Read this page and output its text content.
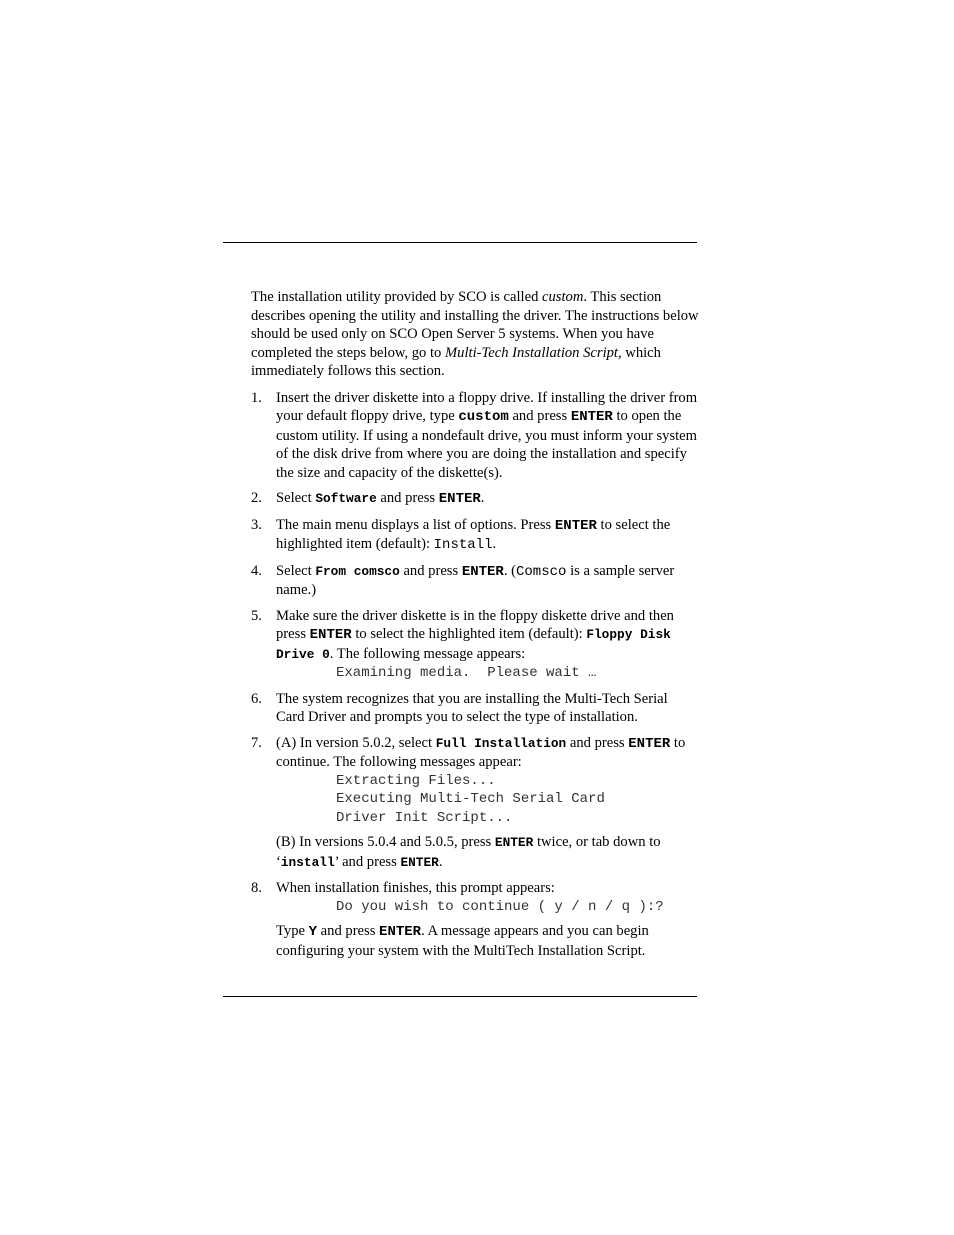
The installation utility provided by SCO is called custom. This section describes opening the utility and installing the driver. The instructions below should be used only on SCO Open Server 5 systems. When you have completed the steps below, go to Multi-Tech Installation Script, which immediately follows this section.

1. Insert the driver diskette into a floppy drive. If installing the driver from your default floppy drive, type custom and press ENTER to open the custom utility. If using a nondefault drive, you must inform your system of the disk drive from where you are doing the installation and specify the size and capacity of the diskette(s).
2. Select Software and press ENTER.
3. The main menu displays a list of options. Press ENTER to select the highlighted item (default): Install.
4. Select From comsco and press ENTER. (Comsco is a sample server name.)
5. Make sure the driver diskette is in the floppy diskette drive and then press ENTER to select the highlighted item (default): Floppy Disk Drive 0. The following message appears:
Examining media.  Please wait …
6. The system recognizes that you are installing the Multi-Tech Serial Card Driver and prompts you to select the type of installation.
7. (A) In version 5.0.2, select Full Installation and press ENTER to continue. The following messages appear:
Extracting Files...
Executing Multi-Tech Serial Card
Driver Init Script...
(B) In versions 5.0.4 and 5.0.5, press ENTER twice, or tab down to ‘install’ and press ENTER.
8. When installation finishes, this prompt appears:
Do you wish to continue ( y / n / q ):?
Type Y and press ENTER. A message appears and you can begin configuring your system with the MultiTech Installation Script.
